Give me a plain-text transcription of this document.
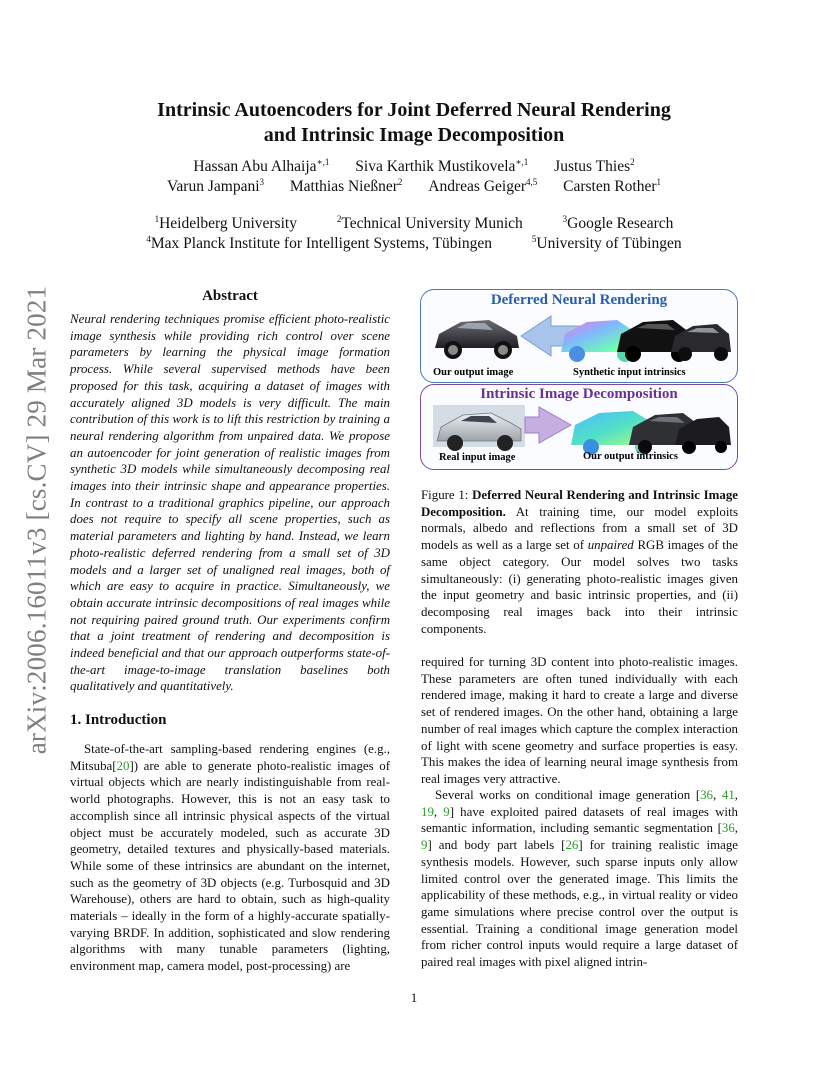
arXiv:2006.16011v3 [cs.CV] 29 Mar 2021
Intrinsic Autoencoders for Joint Deferred Neural Rendering
and Intrinsic Image Decomposition
Hassan Abu Alhaija$^{∗,1}$ Siva Karthik Mustikovela$^{∗,1}$ Justus Thies$^2$
Varun Jampani$^3$ Matthias Nießner$^2$ Andreas Geiger$^{4,5}$ Carsten Rother$^1$
$^1$Heidelberg University	$^2$Technical University Munich	$^3$Google Research
$^4$Max Planck Institute for Intelligent Systems, Tübingen	$^5$University of Tübingen
Abstract
Neural rendering techniques promise efficient photo-realistic image synthesis while providing rich control over scene parameters by learning the physical image formation process. While several supervised methods have been proposed for this task, acquiring a dataset of images with accurately aligned 3D models is very difficult. The main contribution of this work is to lift this restriction by training a neural rendering algorithm from unpaired data. We propose an autoencoder for joint generation of realistic images from synthetic 3D models while simultaneously decomposing real images into their intrinsic shape and appearance properties. In contrast to a traditional graphics pipeline, our approach does not require to specify all scene properties, such as material parameters and lighting by hand. Instead, we learn photo-realistic deferred rendering from a small set of 3D models and a larger set of unaligned real images, both of which are easy to acquire in practice. Simultaneously, we obtain accurate intrinsic decompositions of real images while not requiring paired ground truth. Our experiments confirm that a joint treatment of rendering and decomposition is indeed beneficial and that our approach outperforms state-of-the-art image-to-image translation baselines both qualitatively and quantitatively.
Deferred Neural Rendering
Our output image	Synthetic input intrinsics
Intrinsic Image Decomposition
Real input image	Our output intrinsics
Figure 1: Deferred Neural Rendering and Intrinsic Image Decomposition. At training time, our model exploits normals, albedo and reflections from a small set of 3D models as well as a large set of unpaired RGB images of the same object category. Our model solves two tasks simultaneously: (i) generating photo-realistic images given the input geometry and basic intrinsic properties, and (ii) decomposing real images back into their intrinsic components.
1. Introduction
State-of-the-art sampling-based rendering engines (e.g., Mitsuba[20]) are able to generate photo-realistic images of virtual objects which are nearly indistinguishable from real-world photographs. However, this is not an easy task to accomplish since all intrinsic physical aspects of the virtual object must be accurately modeled, such as accurate 3D geometry, detailed textures and physically-based materials. While some of these intrinsics are abundant on the internet, such as the geometry of 3D objects (e.g. Turbosquid and 3D Warehouse), others are hard to obtain, such as high-quality materials – ideally in the form of a highly-accurate spatially-varying BRDF. In addition, sophisticated and slow rendering algorithms with many tunable parameters (lighting, environment map, camera model, post-processing) are
required for turning 3D content into photo-realistic images. These parameters are often tuned individually with each rendered image, making it hard to create a large and diverse set of rendered images. On the other hand, obtaining a large number of real images which capture the complex interaction of light with scene geometry and surface properties is easy. This makes the idea of learning neural image synthesis from real images very attractive.
Several works on conditional image generation [36, 41, 19, 9] have exploited paired datasets of real images with semantic information, including semantic segmentation [36, 9] and body part labels [26] for training realistic image synthesis models. However, such sparse inputs only allow limited control over the generated image. This limits the applicability of these methods, e.g., in virtual reality or video game simulations where precise control over the output is essential. Training a conditional image generation model from richer control inputs would require a large dataset of paired real images with pixel aligned intrin-
1
